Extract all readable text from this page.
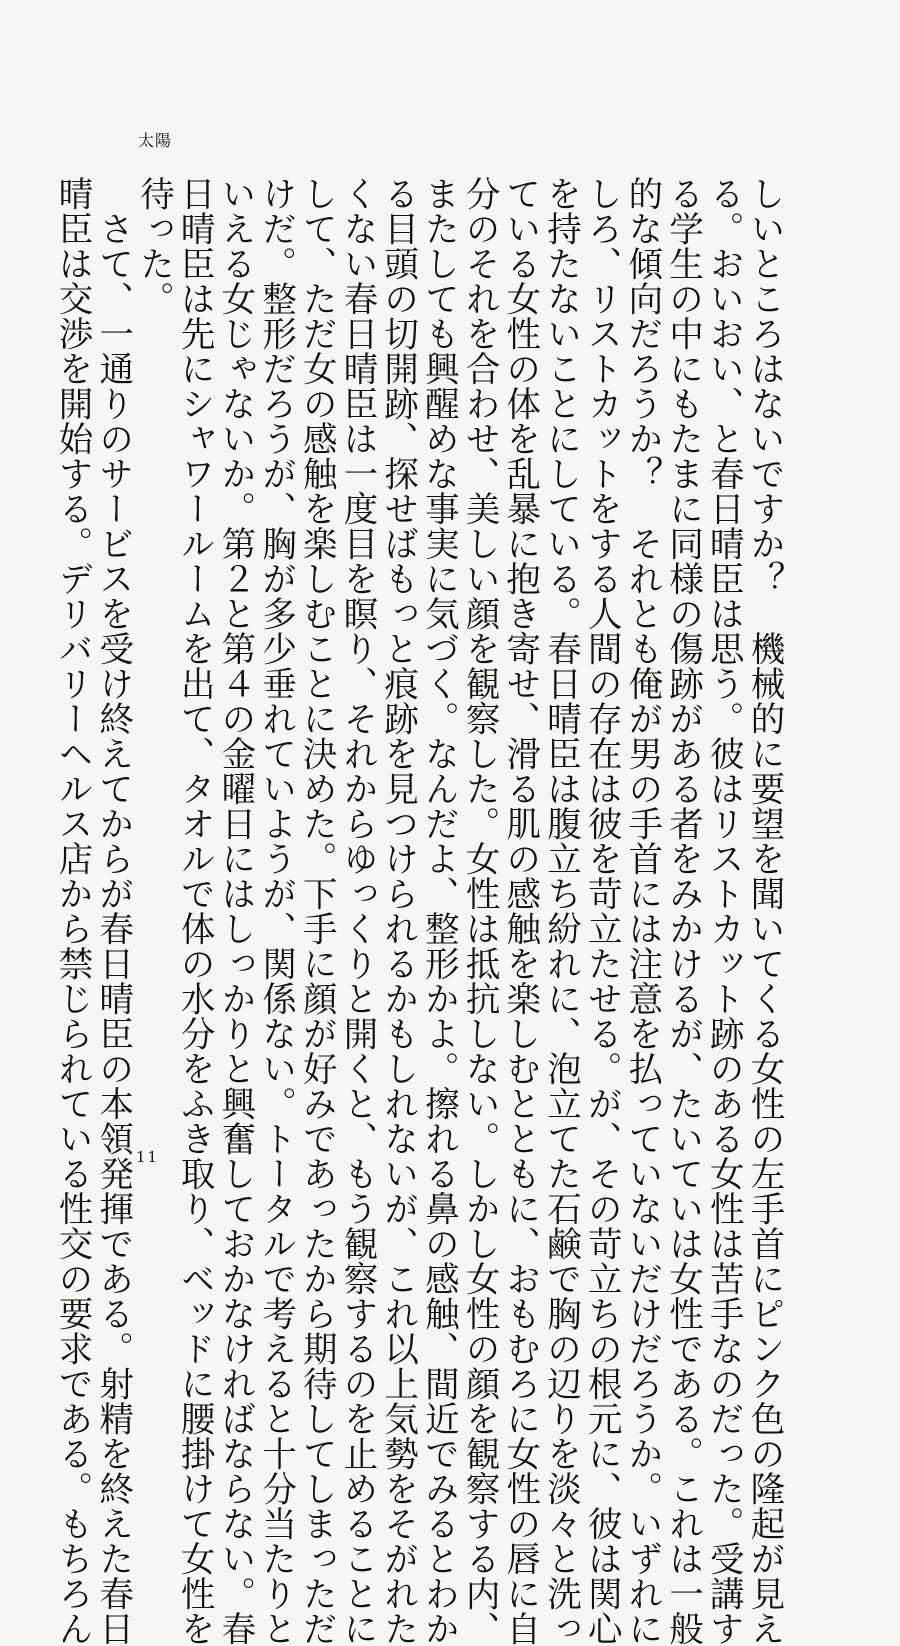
太陽
しいところはないですか？　機械的に要望を聞いてくる女性の左手首にピンク色の隆起が見え
る。おいおい、と春日晴臣は思う。彼はリストカット跡のある女性は苦手なのだった。受講す
る学生の中にもたまに同様の傷跡がある者をみかけるが、たいていは女性である。これは一般
的な傾向だろうか？　それとも俺が男の手首には注意を払っていないだけだろうか。いずれに
しろ、リストカットをする人間の存在は彼を苛立たせる。が、その苛立ちの根元に、彼は関心
を持たないことにしている。春日晴臣は腹立ち紛れに、泡立てた石鹸で胸の辺りを淡々と洗っ
ている女性の体を乱暴に抱き寄せ、滑る肌の感触を楽しむとともに、おもむろに女性の唇に自
分のそれを合わせ、美しい顔を観察した。女性は抵抗しない。しかし女性の顔を観察する内、
またしても興醒めな事実に気づく。なんだよ、整形かよ。擦れる鼻の感触、間近でみるとわか
る目頭の切開跡、探せばもっと痕跡を見つけられるかもしれないが、これ以上気勢をそがれた
くない春日晴臣は一度目を瞑り、それからゆっくりと開くと、もう観察するのを止めることに
して、ただ女の感触を楽しむことに決めた。下手に顔が好みであったから期待してしまっただ
けだ。整形だろうが、胸が多少垂れていようが、関係ない。トータルで考えると十分当たりと
いえる女じゃないか。第２と第４の金曜日にはしっかりと興奮しておかなければならない。春
日晴臣は先にシャワールームを出て、タオルで体の水分をふき取り、ベッドに腰掛けて女性を
待った。
　さて、一通りのサービスを受け終えてからが春日晴臣の本領発揮である。射精を終えた春日
晴臣は交渉を開始する。デリバリーヘルス店から禁じられている性交の要求である。もちろん	11
